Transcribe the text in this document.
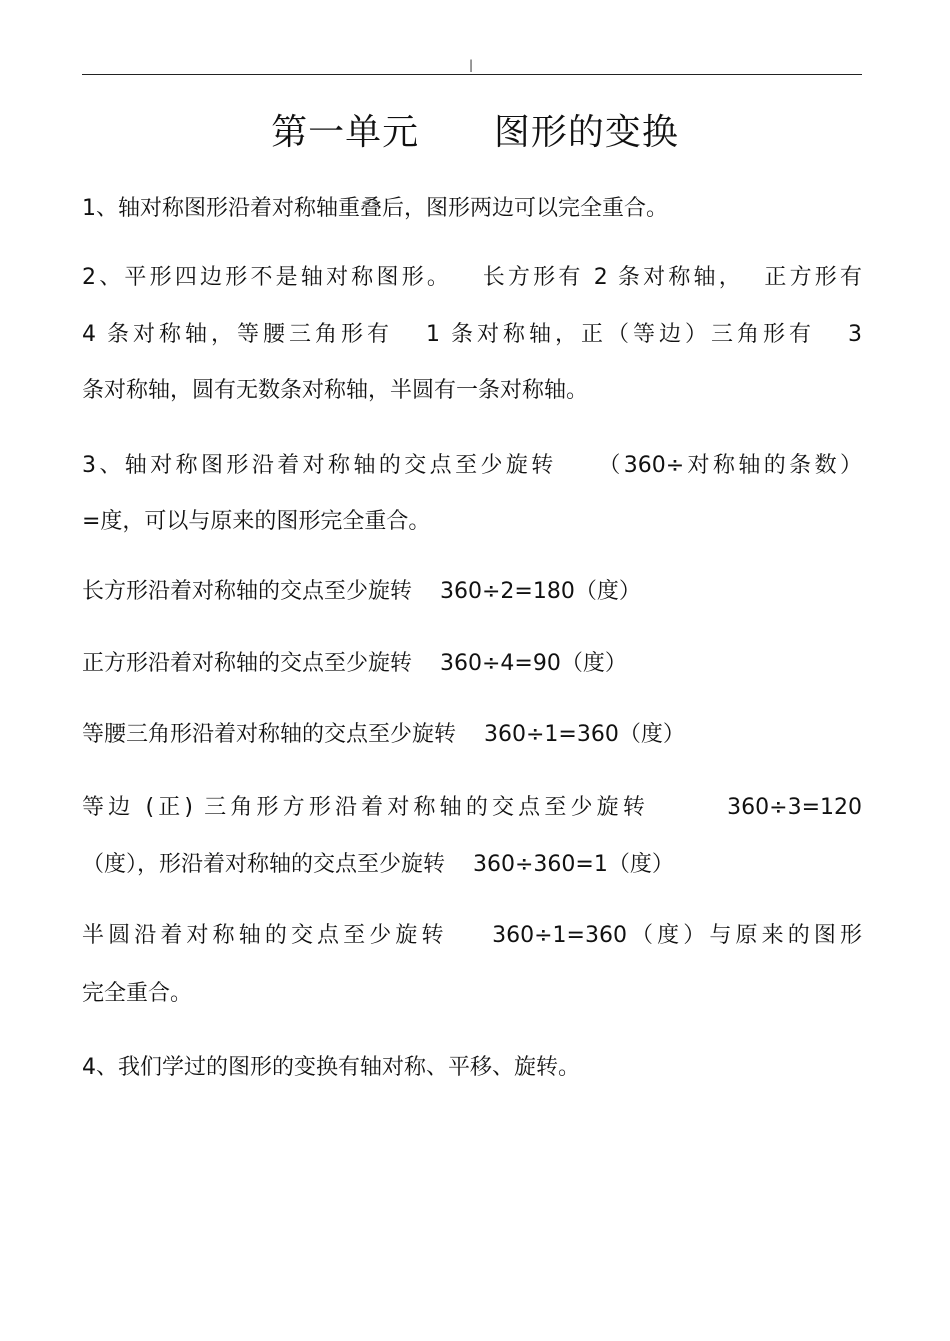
|
第一单元      图形的变换
1、轴对称图形沿着对称轴重叠后，图形两边可以完全重合。
2、平形四边形不是轴对称图形。   长方形有 2 条对称轴，  正方形有
4 条对称轴，等腰三角形有   1 条对称轴，正（等边）三角形有   3
条对称轴，圆有无数条对称轴，半圆有一条对称轴。
3、轴对称图形沿着对称轴的交点至少旋转    （360÷对称轴的条数）
=度，可以与原来的图形完全重合。
长方形沿着对称轴的交点至少旋转    360÷2=180（度）
正方形沿着对称轴的交点至少旋转    360÷4=90（度）
等腰三角形沿着对称轴的交点至少旋转    360÷1=360（度）
等边 (正) 三角形方形沿着对称轴的交点至少旋转       360÷3=120
（度），形沿着对称轴的交点至少旋转    360÷360=1（度）
半圆沿着对称轴的交点至少旋转    360÷1=360（度）与原来的图形
完全重合。
4、我们学过的图形的变换有轴对称、平移、旋转。
